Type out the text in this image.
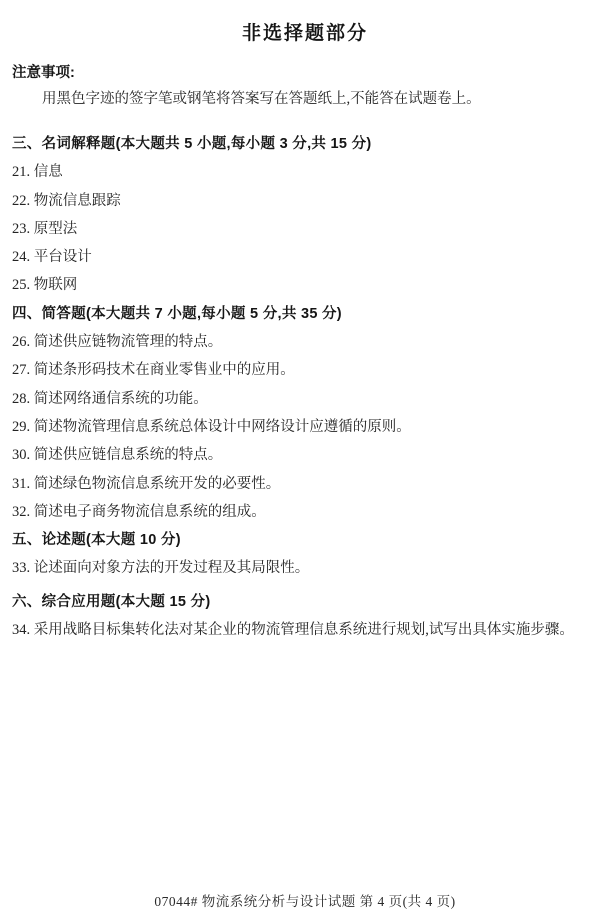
非选择题部分
注意事项:
用黑色字迹的签字笔或钢笔将答案写在答题纸上,不能答在试题卷上。
三、名词解释题(本大题共 5 小题,每小题 3 分,共 15 分)
21. 信息
22. 物流信息跟踪
23. 原型法
24. 平台设计
25. 物联网
四、简答题(本大题共 7 小题,每小题 5 分,共 35 分)
26. 简述供应链物流管理的特点。
27. 简述条形码技术在商业零售业中的应用。
28. 简述网络通信系统的功能。
29. 简述物流管理信息系统总体设计中网络设计应遵循的原则。
30. 简述供应链信息系统的特点。
31. 简述绿色物流信息系统开发的必要性。
32. 简述电子商务物流信息系统的组成。
五、论述题(本大题 10 分)
33. 论述面向对象方法的开发过程及其局限性。
六、综合应用题(本大题 15 分)
34. 采用战略目标集转化法对某企业的物流管理信息系统进行规划,试写出具体实施步骤。
07044# 物流系统分析与设计试题 第 4 页(共 4 页)
